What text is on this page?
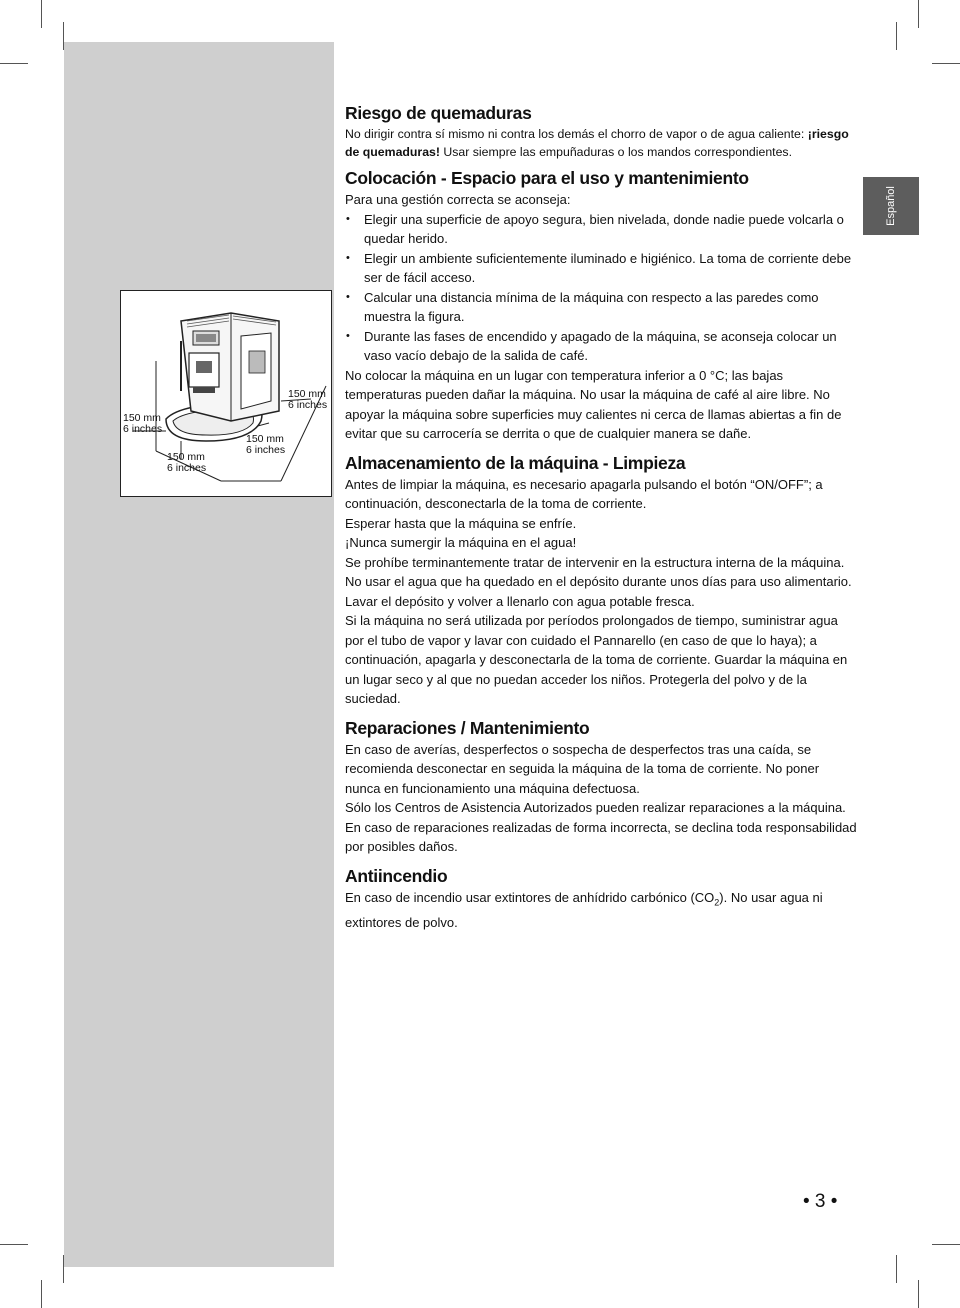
150 mm
6 inches
150 mm
6 inches
150 mm
6 inches
150 mm
6 inches
Español
Riesgo de quemaduras

No dirigir contra sí mismo ni contra los demás el chorro de vapor o de agua caliente: ¡riesgo de quemaduras! Usar siempre las empuñaduras o los mandos correspondientes.

Colocación - Espacio para el uso y mantenimiento

Para una gestión correcta se aconseja:

• Elegir una superficie de apoyo segura, bien nivelada, donde nadie puede volcarla o quedar herido.
• Elegir un ambiente suficientemente iluminado e higiénico. La toma de corriente debe ser de fácil acceso.
• Calcular una distancia mínima de la máquina con respecto a las paredes como muestra la figura.
• Durante las fases de encendido y apagado de la máquina, se aconseja colocar un vaso vacío debajo de la salida de café.

No colocar la máquina en un lugar con temperatura inferior a 0 °C; las bajas temperaturas pueden dañar la máquina. No usar la máquina de café al aire libre. No apoyar la máquina sobre superficies muy calientes ni cerca de llamas abiertas a fin de evitar que su carrocería se derrita o que de cualquier manera se dañe.

Almacenamiento de la máquina - Limpieza

Antes de limpiar la máquina, es necesario apagarla pulsando el botón “ON/OFF”; a continuación, desconectarla de la toma de corriente.

Esperar hasta que la máquina se enfríe.

¡Nunca sumergir la máquina en el agua!

Se prohíbe terminantemente tratar de intervenir en la estructura interna de la máquina.

No usar el agua que ha quedado en el depósito durante unos días para uso alimentario. Lavar el depósito y volver a llenarlo con agua potable fresca.

Si la máquina no será utilizada por períodos prolongados de tiempo, suministrar agua por el tubo de vapor y lavar con cuidado el Pannarello (en caso de que lo haya); a continuación, apagarla y desconectarla de la toma de corriente. Guardar la máquina en un lugar seco y al que no puedan acceder los niños. Protegerla del polvo y de la suciedad.

Reparaciones / Mantenimiento

En caso de averías, desperfectos o sospecha de desperfectos tras una caída, se recomienda desconectar en seguida la máquina de la toma de corriente. No poner nunca en funcionamiento una máquina defectuosa.

Sólo los Centros de Asistencia Autorizados pueden realizar reparaciones a la máquina. En caso de reparaciones realizadas de forma incorrecta, se declina toda responsabilidad por posibles daños.

Antiincendio

En caso de incendio usar extintores de anhídrido carbónico $(CO_2)$. No usar agua ni extintores de polvo.

• 3 •
